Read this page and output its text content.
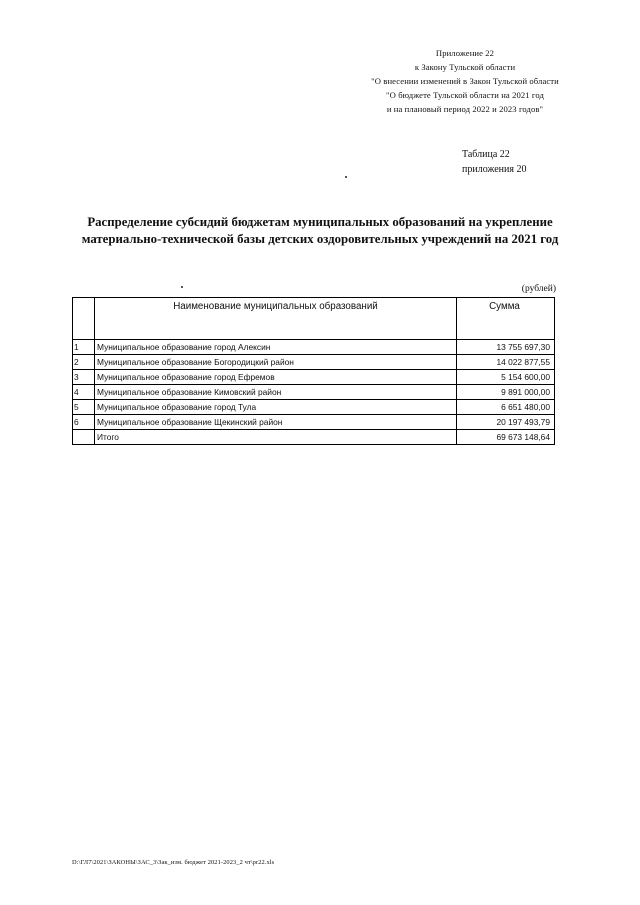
Приложение 22
к Закону Тульской области
"О внесении изменений в Закон Тульской области
"О бюджете Тульской области на 2021 год
и на плановый период 2022 и 2023 годов"
Таблица 22
приложения 20
Распределение субсидий бюджетам муниципальных образований на укрепление
материально-технической базы детских оздоровительных учреждений на 2021 год
(рублей)
	Наименование муниципальных образований	Сумма
1	Муниципальное образование город Алексин	13 755 697,30
2	Муниципальное образование Богородицкий район	14 022 877,55
3	Муниципальное образование город Ефремов	5 154 600,00
4	Муниципальное образование Кимовский район	9 891 000,00
5	Муниципальное образование город Тула	6 651 480,00
6	Муниципальное образование Щекинский район	20 197 493,79
	Итого	69 673 148,64
D:\ГЛ7\2021\ЗАКОНЫ\ЗАС_3\Зак_изм. бюджет 2021-2023_2 чт\pr22.xls
